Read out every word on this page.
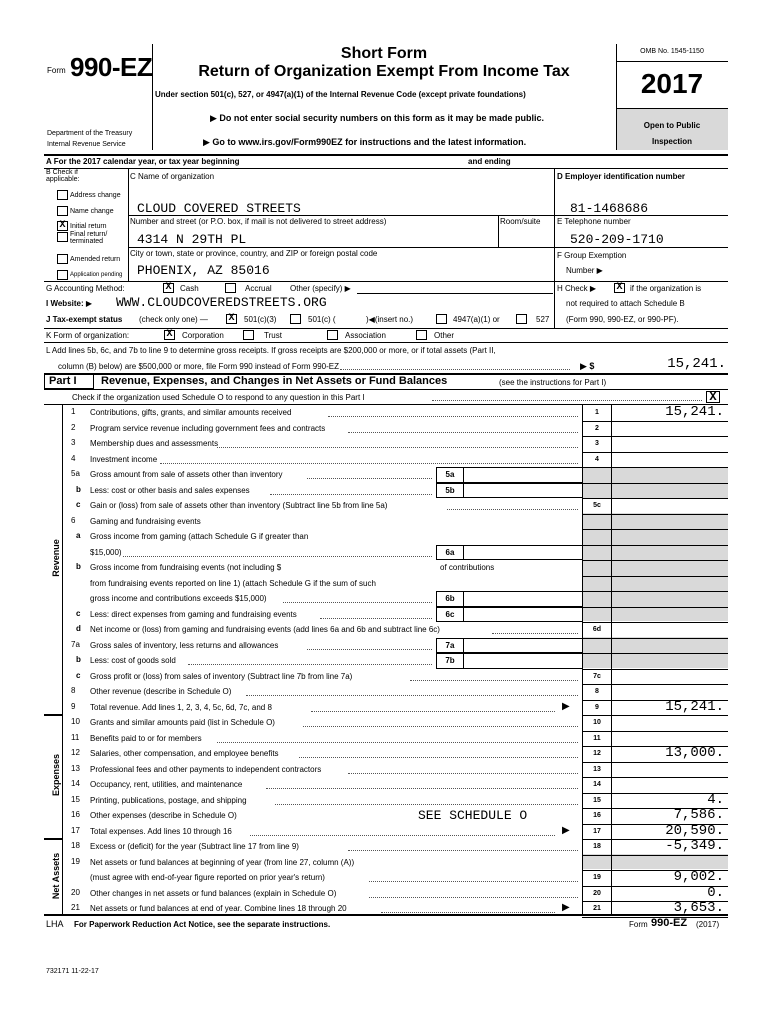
Form 990-EZ	Short Form
Return of Organization Exempt From Income Tax
Under section 501(c), 527, or 4947(a)(1) of the Internal Revenue Code (except private foundations)
▶ Do not enter social security numbers on this form as it may be made public.
▶ Go to www.irs.gov/Form990EZ for instructions and the latest information.
Department of the Treasury
Internal Revenue Service
OMB No. 1545-1150
2017
Open to Public
Inspection
A For the 2017 calendar year, or tax year beginning	and ending
B Check if applicable:
Address change
Name change
X Initial return
Final return/ terminated
Amended return
Application pending
C Name of organization
CLOUD COVERED STREETS
Number and street (or P.O. box, if mail is not delivered to street address)	Room/suite
4314 N 29TH PL
City or town, state or province, country, and ZIP or foreign postal code
PHOENIX, AZ 85016
D Employer identification number
81-1468686
E Telephone number
520-209-1710
F Group Exemption
Number ▶
H Check ▶ X if the organization is
not required to attach Schedule B
(Form 990, 990-EZ, or 990-PF).
G Accounting Method:	X	Cash	Accrual Other (specify) ▶
I Website: ▶ WWW.CLOUDCOVEREDSTREETS.ORG
J Tax-exempt status (check only one) — X	501(c)(3)	501(c) (	)◀(insert no.)	4947(a)(1) or	527
K Form of organization:	X	Corporation	Trust	Association	Other
L Add lines 5b, 6c, and 7b to line 9 to determine gross receipts. If gross receipts are $200,000 or more, or if total assets (Part II,
column (B) below) are $500,000 or more, file Form 990 instead of Form 990-EZ	▶ $	15,241.
Part I Revenue, Expenses, and Changes in Net Assets or Fund Balances	(see the instructions for Part I)
Check if the organization used Schedule O to respond to any question in this Part I	X
Revenue
Expenses
Net Assets
1 Contributions, gifts, grants, and similar amounts received	1	15,241.
2 Program service revenue including government fees and contracts	2
3 Membership dues and assessments	3
4 Investment income	4
5a Gross amount from sale of assets other than inventory	5a
b Less: cost or other basis and sales expenses	5b
c Gain or (loss) from sale of assets other than inventory (Subtract line 5b from line 5a)	5c
6 Gaming and fundraising events
a Gross income from gaming (attach Schedule G if greater than
$15,000)	6a
b Gross income from fundraising events (not including $	of contributions
from fundraising events reported on line 1) (attach Schedule G if the sum of such
gross income and contributions exceeds $15,000)	6b
c Less: direct expenses from gaming and fundraising events	6c
d Net income or (loss) from gaming and fundraising events (add lines 6a and 6b and subtract line 6c)	6d
7a Gross sales of inventory, less returns and allowances	7a
b Less: cost of goods sold	7b
c Gross profit or (loss) from sales of inventory (Subtract line 7b from line 7a)	7c
8 Other revenue (describe in Schedule O)	8
9 Total revenue. Add lines 1, 2, 3, 4, 5c, 6d, 7c, and 8	▶	9	15,241.
10 Grants and similar amounts paid (list in Schedule O)	10
11 Benefits paid to or for members	11
12 Salaries, other compensation, and employee benefits	12	13,000.
13 Professional fees and other payments to independent contractors	13
14 Occupancy, rent, utilities, and maintenance	14
15 Printing, publications, postage, and shipping	15	4.
16 Other expenses (describe in Schedule O)	SEE SCHEDULE O	16	7,586.
17 Total expenses. Add lines 10 through 16	▶	17	20,590.
18 Excess or (deficit) for the year (Subtract line 17 from line 9)	18	-5,349.
19 Net assets or fund balances at beginning of year (from line 27, column (A))
(must agree with end-of-year figure reported on prior year's return)	19	9,002.
20 Other changes in net assets or fund balances (explain in Schedule O)	20	0.
21 Net assets or fund balances at end of year. Combine lines 18 through 20	▶	21	3,653.
LHA For Paperwork Reduction Act Notice, see the separate instructions.	Form 990-EZ (2017)
732171 11-22-17
